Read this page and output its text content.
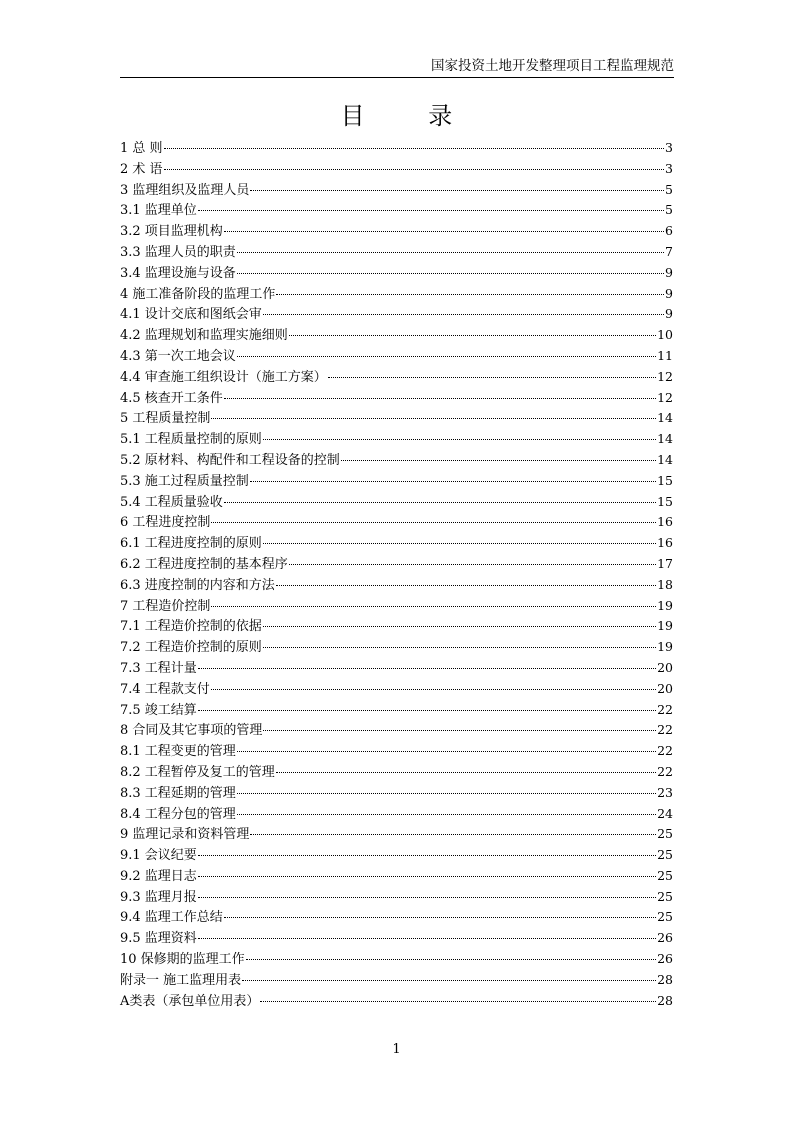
国家投资土地开发整理项目工程监理规范
目 录
1 总 则	3
2 术 语	3
3 监理组织及监理人员	5
3.1 监理单位	5
3.2 项目监理机构	6
3.3 监理人员的职责	7
3.4 监理设施与设备	9
4 施工准备阶段的监理工作	9
4.1 设计交底和图纸会审	9
4.2 监理规划和监理实施细则	10
4.3 第一次工地会议	11
4.4 审查施工组织设计（施工方案）	12
4.5 核查开工条件	12
5 工程质量控制	14
5.1 工程质量控制的原则	14
5.2 原材料、构配件和工程设备的控制	14
5.3 施工过程质量控制	15
5.4 工程质量验收	15
6 工程进度控制	16
6.1 工程进度控制的原则	16
6.2 工程进度控制的基本程序	17
6.3 进度控制的内容和方法	18
7 工程造价控制	19
7.1 工程造价控制的依据	19
7.2 工程造价控制的原则	19
7.3 工程计量	20
7.4 工程款支付	20
7.5 竣工结算	22
8 合同及其它事项的管理	22
8.1 工程变更的管理	22
8.2 工程暂停及复工的管理	22
8.3 工程延期的管理	23
8.4 工程分包的管理	24
9 监理记录和资料管理	25
9.1 会议纪要	25
9.2 监理日志	25
9.3 监理月报	25
9.4 监理工作总结	25
9.5 监理资料	26
10 保修期的监理工作	26
附录一 施工监理用表	28
A类表（承包单位用表）	28
1
